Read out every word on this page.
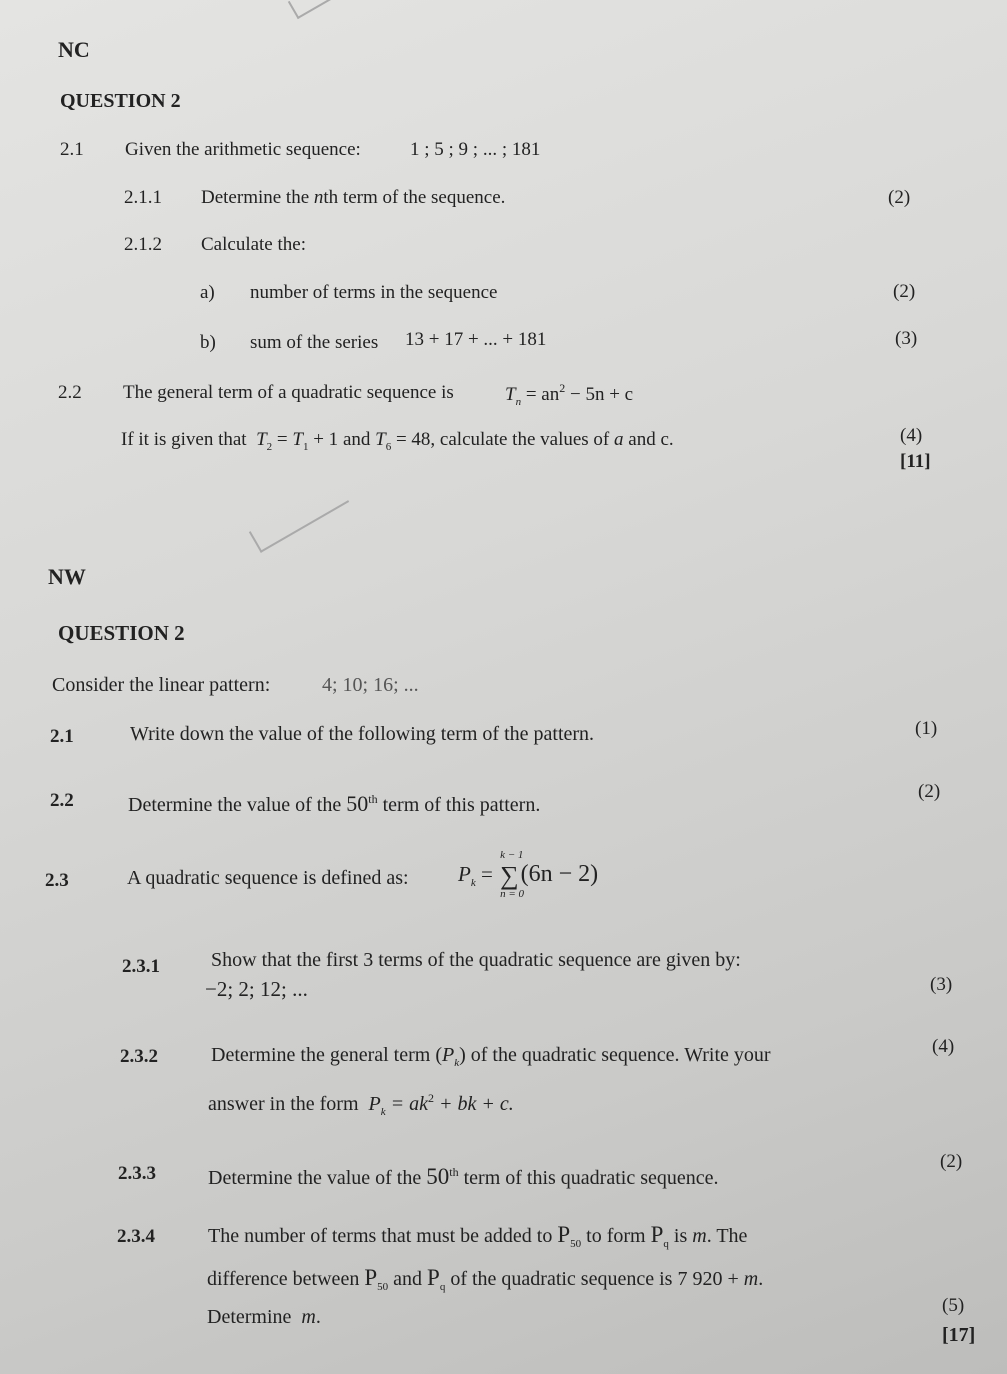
NC
QUESTION 2
2.1 Given the arithmetic sequence:	1 ; 5 ; 9 ; ... ; 181
2.1.1 Determine the nth term of the sequence.	(2)
2.1.2 Calculate the:
a) number of terms in the sequence	(2)
b) sum of the series 13 + 17 + ... + 181	(3)
2.2 The general term of a quadratic sequence is	$T_n = an^2 - 5n + c$
If it is given that $T_2 = T_1 + 1$ and $T_6 = 48$, calculate the values of a and c.	(4)
[11]
NW
QUESTION 2
Consider the linear pattern:	4; 10; 16; ...
2.1	Write down the value of the following term of the pattern.	(1)
2.2	Determine the value of the 50th term of this pattern.
(2)
2.3	A quadratic sequence is defined as: $P_k$ =
k − 1
∑
n = 0
(6n − 2)
2.3.1	Show that the first 3 terms of the quadratic sequence are given by:
−2; 2; 12; ...	(3)
2.3.2	Determine the general term $(P_k)$ of the quadratic sequence. Write your	(4)
answer in the form $P_k = ak^2$ + bk + c.
2.3.3	Determine the value of the 50th term of this quadratic sequence.
(2)
2.3.4	The number of terms that must be added to $P_{50}$ to form $P_q$ is m. The
difference between $P_{50}$ and $P_q$ of the quadratic sequence is 7 920 + m.
Determine m.
(5)
[17]
